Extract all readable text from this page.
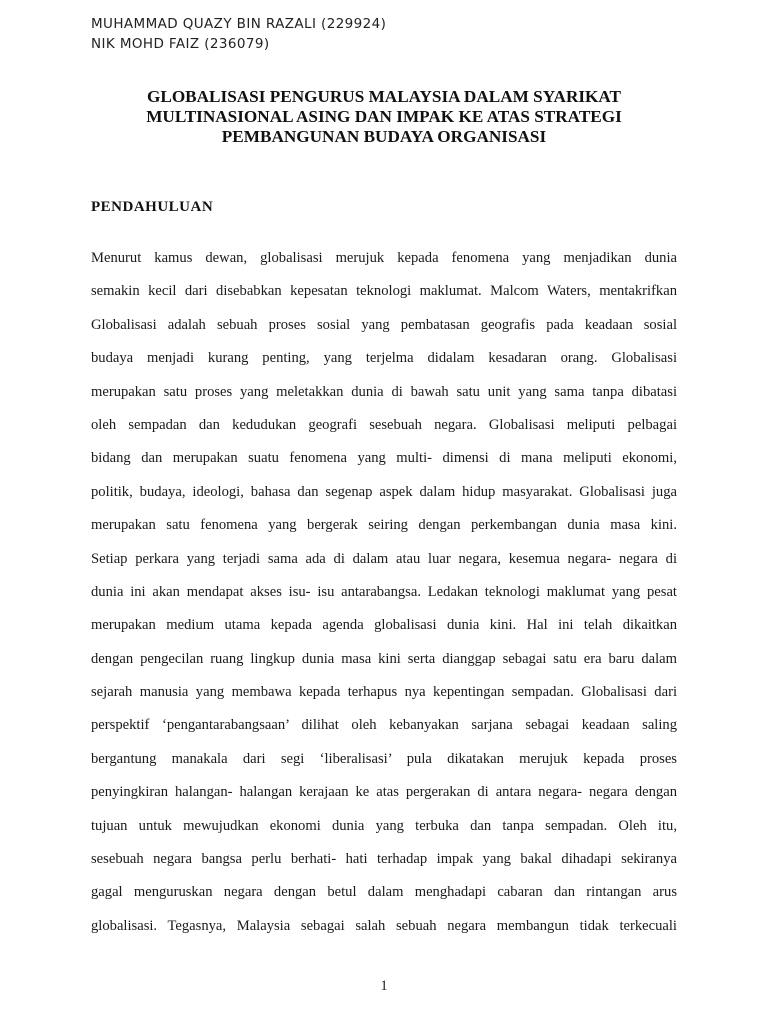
MUHAMMAD QUAZY BIN RAZALI (229924)
NIK MOHD FAIZ (236079)
GLOBALISASI PENGURUS MALAYSIA DALAM SYARIKAT
MULTINASIONAL ASING DAN IMPAK KE ATAS STRATEGI
PEMBANGUNAN BUDAYA ORGANISASI
PENDAHULUAN
Menurut kamus dewan, globalisasi merujuk kepada fenomena yang menjadikan dunia
semakin kecil dari disebabkan kepesatan teknologi maklumat. Malcom Waters, mentakrifkan
Globalisasi adalah sebuah proses sosial yang pembatasan geografis pada keadaan sosial
budaya menjadi kurang penting, yang terjelma didalam kesadaran orang. Globalisasi
merupakan satu proses yang meletakkan dunia di bawah satu unit yang sama tanpa dibatasi
oleh sempadan dan kedudukan geografi sesebuah negara. Globalisasi meliputi pelbagai
bidang dan merupakan suatu fenomena yang multi- dimensi di mana meliputi ekonomi,
politik, budaya, ideologi, bahasa dan segenap aspek dalam hidup masyarakat. Globalisasi juga
merupakan satu fenomena yang bergerak seiring dengan perkembangan dunia masa kini.
Setiap perkara yang terjadi sama ada di dalam atau luar negara, kesemua negara- negara di
dunia ini akan mendapat akses isu- isu antarabangsa. Ledakan teknologi maklumat yang pesat
merupakan medium utama kepada agenda globalisasi dunia kini. Hal ini telah dikaitkan
dengan pengecilan ruang lingkup dunia masa kini serta dianggap sebagai satu era baru dalam
sejarah manusia yang membawa kepada terhapus nya kepentingan sempadan. Globalisasi dari
perspektif ‘pengantarabangsaan’ dilihat oleh kebanyakan sarjana sebagai keadaan saling
bergantung manakala dari segi ‘liberalisasi’ pula dikatakan merujuk kepada proses
penyingkiran halangan- halangan kerajaan ke atas pergerakan di antara negara- negara dengan
tujuan untuk mewujudkan ekonomi dunia yang terbuka dan tanpa sempadan. Oleh itu,
sesebuah negara bangsa perlu berhati- hati terhadap impak yang bakal dihadapi sekiranya
gagal menguruskan negara dengan betul dalam menghadapi cabaran dan rintangan arus
globalisasi. Tegasnya, Malaysia sebagai salah sebuah negara membangun tidak terkecuali
1
